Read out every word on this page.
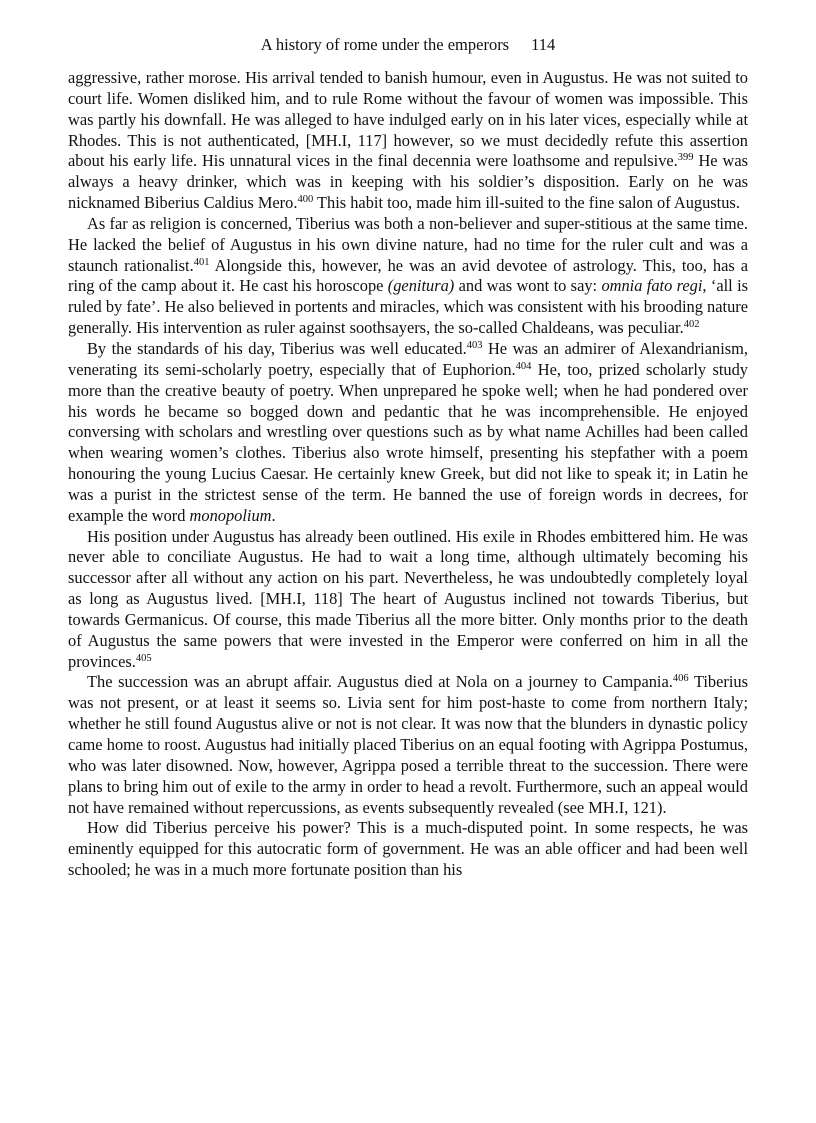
A history of rome under the emperors 114

aggressive, rather morose. His arrival tended to banish humour, even in Augustus. He was not suited to court life. Women disliked him, and to rule Rome without the favour of women was impossible. This was partly his downfall. He was alleged to have indulged early on in his later vices, especially while at Rhodes. This is not authenticated, [MH.I, 117] however, so we must decidedly refute this assertion about his early life. His unnatural vices in the final decennia were loathsome and repulsive.$^{399}$ He was always a heavy drinker, which was in keeping with his soldier’s disposition. Early on he was nicknamed Biberius Caldius Mero.$^{400}$ This habit too, made him ill-suited to the fine salon of Augustus.

As far as religion is concerned, Tiberius was both a non-believer and super-stitious at the same time. He lacked the belief of Augustus in his own divine nature, had no time for the ruler cult and was a staunch rationalist.$^{401}$ Alongside this, however, he was an avid devotee of astrology. This, too, has a ring of the camp about it. He cast his horoscope (genitura) and was wont to say: omnia fato regi, ‘all is ruled by fate’. He also believed in portents and miracles, which was consistent with his brooding nature generally. His intervention as ruler against soothsayers, the so-called Chaldeans, was peculiar.$^{402}$

By the standards of his day, Tiberius was well educated.$^{403}$ He was an admirer of Alexandrianism, venerating its semi-scholarly poetry, especially that of Euphorion.$^{404}$ He, too, prized scholarly study more than the creative beauty of poetry. When unprepared he spoke well; when he had pondered over his words he became so bogged down and pedantic that he was incomprehensible. He enjoyed conversing with scholars and wrestling over questions such as by what name Achilles had been called when wearing women’s clothes. Tiberius also wrote himself, presenting his stepfather with a poem honouring the young Lucius Caesar. He certainly knew Greek, but did not like to speak it; in Latin he was a purist in the strictest sense of the term. He banned the use of foreign words in decrees, for example the word monopolium.

His position under Augustus has already been outlined. His exile in Rhodes embittered him. He was never able to conciliate Augustus. He had to wait a long time, although ultimately becoming his successor after all without any action on his part. Nevertheless, he was undoubtedly completely loyal as long as Augustus lived. [MH.I, 118] The heart of Augustus inclined not towards Tiberius, but towards Germanicus. Of course, this made Tiberius all the more bitter. Only months prior to the death of Augustus the same powers that were invested in the Emperor were conferred on him in all the provinces.$^{405}$

The succession was an abrupt affair. Augustus died at Nola on a journey to Campania.$^{406}$ Tiberius was not present, or at least it seems so. Livia sent for him post-haste to come from northern Italy; whether he still found Augustus alive or not is not clear. It was now that the blunders in dynastic policy came home to roost. Augustus had initially placed Tiberius on an equal footing with Agrippa Postumus, who was later disowned. Now, however, Agrippa posed a terrible threat to the succession. There were plans to bring him out of exile to the army in order to head a revolt. Furthermore, such an appeal would not have remained without repercussions, as events subsequently revealed (see MH.I, 121).

How did Tiberius perceive his power? This is a much-disputed point. In some respects, he was eminently equipped for this autocratic form of government. He was an able officer and had been well schooled; he was in a much more fortunate position than his
